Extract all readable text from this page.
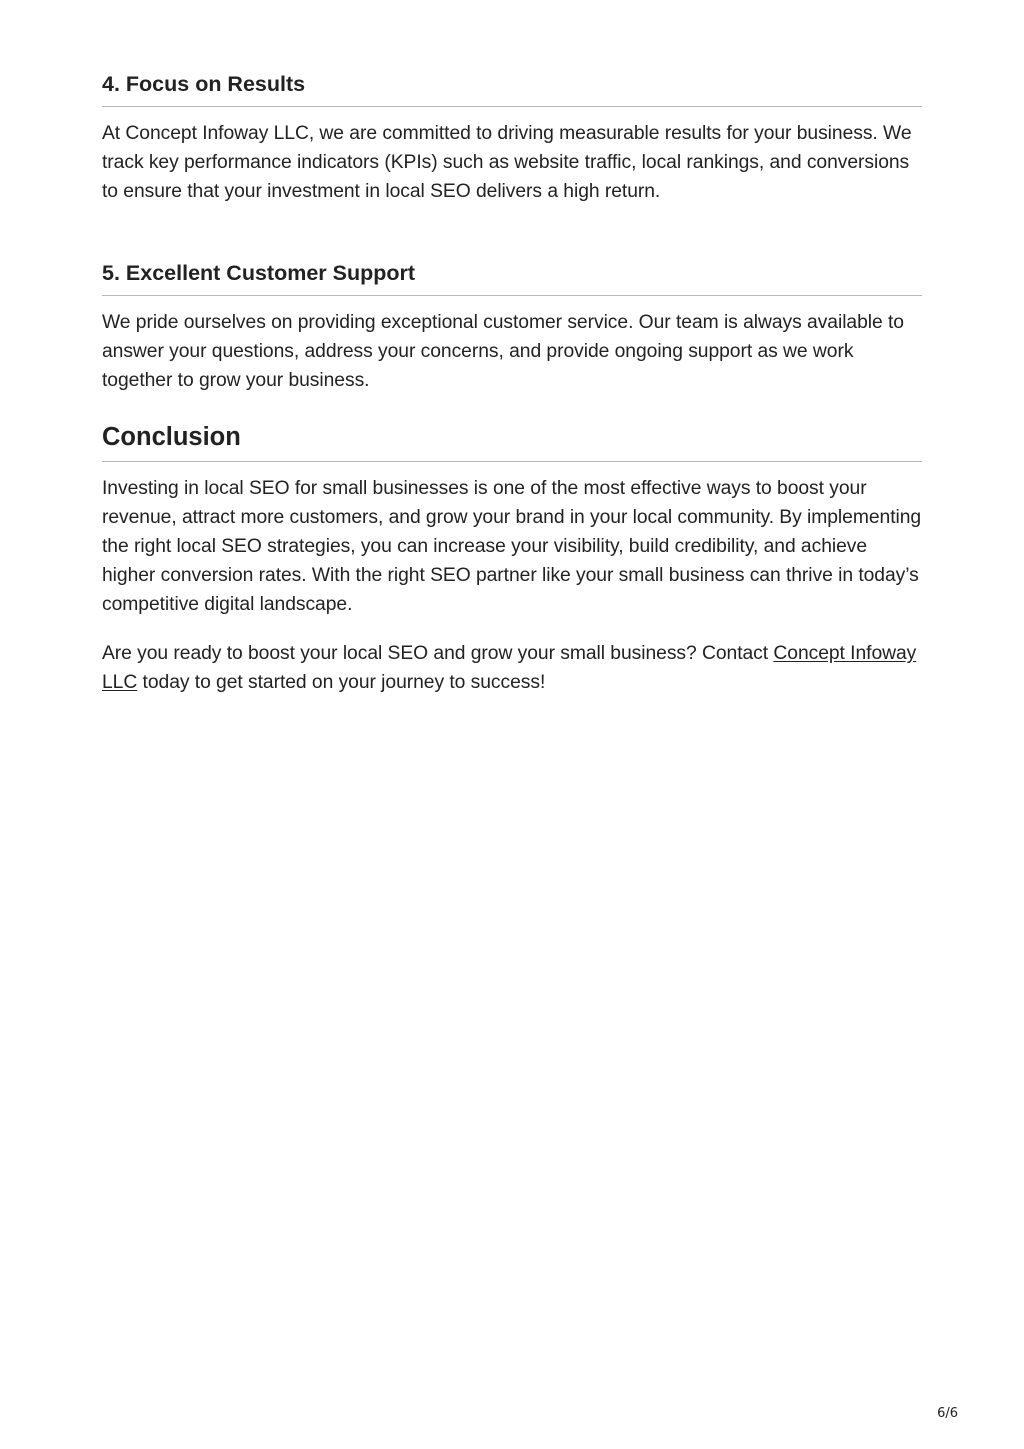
4. Focus on Results

At Concept Infoway LLC, we are committed to driving measurable results for your business. We track key performance indicators (KPIs) such as website traffic, local rankings, and conversions to ensure that your investment in local SEO delivers a high return.

5. Excellent Customer Support

We pride ourselves on providing exceptional customer service. Our team is always available to answer your questions, address your concerns, and provide ongoing support as we work together to grow your business.

Conclusion

Investing in local SEO for small businesses is one of the most effective ways to boost your revenue, attract more customers, and grow your brand in your local community. By implementing the right local SEO strategies, you can increase your visibility, build credibility, and achieve higher conversion rates. With the right SEO partner like your small business can thrive in today’s competitive digital landscape.

Are you ready to boost your local SEO and grow your small business? Contact Concept Infoway LLC today to get started on your journey to success!

6/6
